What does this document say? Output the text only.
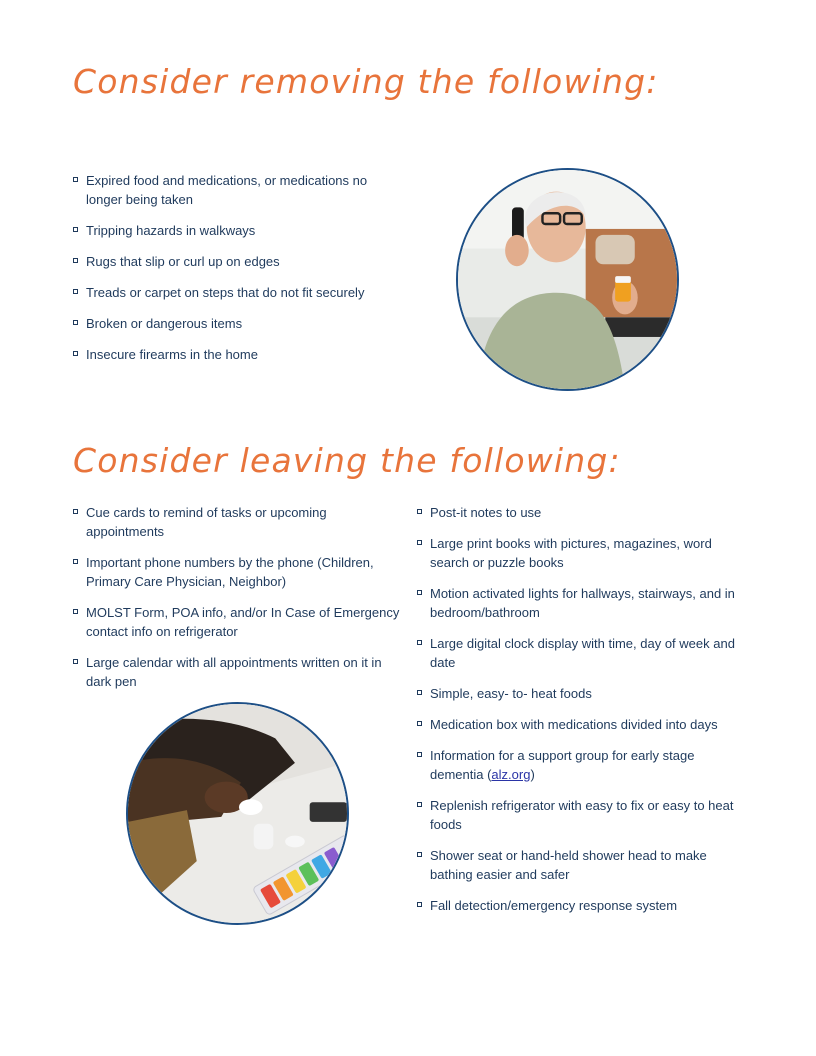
Consider removing the following:
Expired food and medications, or medications no longer being taken
Tripping hazards in walkways
Rugs that slip or curl up on edges
Treads or carpet on steps that do not fit securely
Broken or dangerous items
Insecure firearms in the home
Consider leaving the following:
Cue cards to remind of tasks or upcoming appointments
Important phone numbers by the phone (Children, Primary Care Physician, Neighbor)
MOLST Form, POA info, and/or In Case of Emergency contact info on refrigerator
Large calendar with all appointments written on it in dark pen
Post-it notes to use
Large print books with pictures, magazines, word search or puzzle books
Motion activated lights for hallways, stairways, and in bedroom/bathroom
Large digital clock display with time, day of week and date
Simple, easy- to- heat foods
Medication box with medications divided into days
Information for a support group for early stage dementia (alz.org)
Replenish refrigerator with easy to fix or easy to heat foods
Shower seat or hand-held shower head to make bathing easier and safer
Fall detection/emergency response system
